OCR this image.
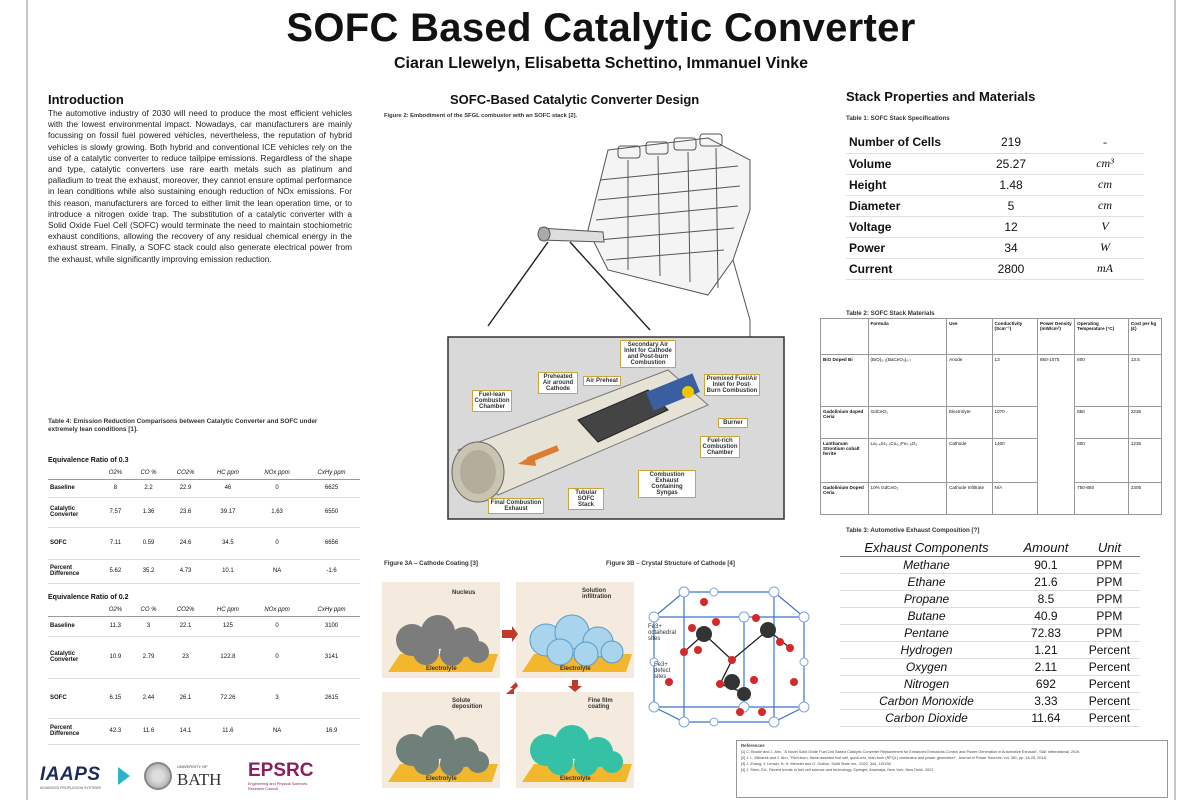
SOFC Based Catalytic Converter
Ciaran Llewelyn, Elisabetta Schettino, Immanuel Vinke
Introduction
The automotive industry of 2030 will need to produce the most efficient vehicles with the lowest environmental impact. Nowadays, car manufacturers are mainly focussing on fossil fuel powered vehicles, nevertheless, the reputation of hybrid vehicles is slowly growing. Both hybrid and conventional ICE vehicles rely on the use of a catalytic converter to reduce tailpipe emissions. Regardless of the shape and type, catalytic converters use rare earth metals such as platinum and palladium to treat the exhaust, moreover, they cannot ensure optimal performance in lean conditions while also sustaining enough reduction of NOx emissions. For this reason, manufacturers are forced to either limit the lean operation time, or to introduce a nitrogen oxide trap. The substitution of a catalytic converter with a Solid Oxide Fuel Cell (SOFC) would terminate the need to maintain stochiometric exhaust conditions, allowing the recovery of any residual chemical energy in the exhaust stream. Finally, a SOFC stack could also generate electrical power from the exhaust, while significantly improving emission reduction.
Table 4: Emission Reduction Comparisons between Catalytic Converter and SOFC under extremely lean conditions [1].
Equivalence Ratio of 0.3
	O2%	CO %	CO2%	HC ppm	NOx ppm	CxHy ppm
Baseline	8	2.2	22.9	46	0	6625
Catalytic Converter	7.57	1.36	23.6	39.17	1.63	6550
SOFC	7.11	0.59	24.6	34.5	0	6656
Percent Difference	5.62	35.2	4.73	10.1	NA	-1.6
Equivalence Ratio of 0.2
	O2%	CO %	CO2%	HC ppm	NOx ppm	CxHy ppm
Baseline	11.3	3	22.1	125	0	3100
Catalytic Converter	10.9	2.79	23	122.8	0	3141
SOFC	6.15	2.44	26.1	72.26	3	2615
Percent Difference	42.3	11.6	14.1	11.6	NA	16.9
IAAPS
ADVANCED PROPULSION SYSTEMS
UNIVERSITY OF
BATH EPSRC
Engineering and Physical Sciences Research Council
SOFC-Based Catalytic Converter Design
Figure 2: Embodiment of the SFGL combustor with an SOFC stack [2].
Secondary Air Inlet for Cathode and Post-burn Combustion
Preheated Air around Cathode
Air Preheat	Premixed Fuel/Air Inlet for Post-Burn Combustion
Fuel-lean Combustion Chamber
Burner
Fuel-rich Combustion Chamber
Combustion Exhaust Containing Syngas
Final Combustion Exhaust
Tubular SOFC Stack
Figure 3A – Cathode Coating [3]
Nucleus	Solution infiltration
Solute deposition
Fine film coating
Electrolyte	Electrolyte
Electrolyte	Electrolyte
Figure 3B – Crystal Structure of Cathode [4]
Fe3+ octahedral sites
Fe3+ defect sites
Stack Properties and Materials
Table 1: SOFC Stack Specifications
Number of Cells	219	-
Volume	25.27	cm³
Height	1.48	cm
Diameter	5	cm
Voltage	12	V
Power	34	W
Current	2800	mA
Table 2: SOFC Stack Materials
	Formula	Use	Conductivity (Scm⁻¹)	Power Density (mW/cm²)	Operating Temperature (°C)	Cost per kg (£)
BiO Doped Bi	(BiO)₀.₃(BaCeO₃)₀.₇	Anode	13	850-1075	800	13.5
Gadolinium doped Ceria	GdCeO₂	Electrolyte	1070		850	2236
Lanthanum Strontium cobalt ferrite	La₀.₆Sr₀.₄Co₀.₂Fe₀.₈O₃	Cathode	1400		800	1235
Gadolinium Doped Ceria	10% GdCeO₂	Cathode Infiltrate	N/A		750-850	2305
Table 3: Automotive Exhaust Composition [?]
Exhaust Components	Amount	Unit
Methane	90.1	PPM
Ethane	21.6	PPM
Propane	8.5	PPM
Butane	40.9	PPM
Pentane	72.83	PPM
Hydrogen	1.21	Percent
Oxygen	2.11	Percent
Nitrogen	692	Percent
Carbon Monoxide	3.33	Percent
Carbon Dioxide	11.64	Percent
References
[1] C. Brodie and J. Ahn, "A Novel Solid Oxide Fuel Cell Based Catalytic Converter Replacement for Enhanced Emissions Control and Power Generation in Automotive Exhaust", SAE International, 2019.
[2] J. L. Milcarek and J. Ahn, "Rich-burn, flame-assisted fuel cell, quick-mix, lean-burn (RFQL) combustor and power generation", Journal of Power Sources, vol. 381, pp. 18-25, 2018.
[3] J. Zhang, Y. Lenser, N. H. Menzler and O. Guillon, Solid State Ion., 2020, 344, 115138.
[4] J. Shen, Ed., Recent trends in fuel cell science and technology, Springer, Anamaya, New York, New Delhi, 2007.
